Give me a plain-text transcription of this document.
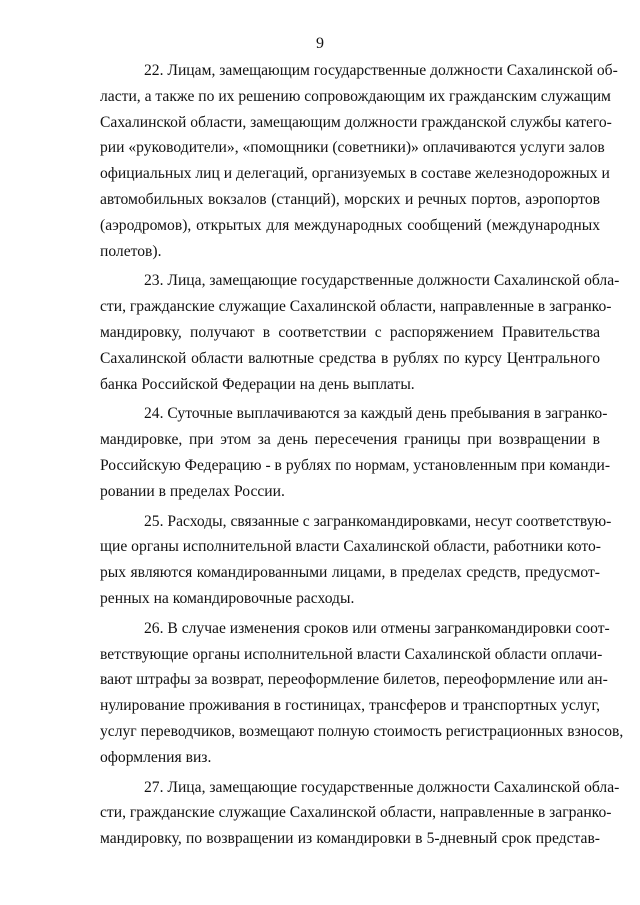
9
22. Лицам, замещающим государственные должности Сахалинской об-
ласти, а также по их решению сопровождающим их гражданским служащим
Сахалинской области, замещающим должности гражданской службы катего-
рии «руководители», «помощники (советники)» оплачиваются услуги залов
официальных лиц и делегаций, организуемых в составе железнодорожных и
автомобильных вокзалов (станций), морских и речных портов, аэропортов
(аэродромов), открытых для международных сообщений (международных
полетов).
23. Лица, замещающие государственные должности Сахалинской обла-
сти, гражданские служащие Сахалинской области, направленные в загранко-
мандировку, получают в соответствии с распоряжением Правительства
Сахалинской области валютные средства в рублях по курсу Центрального
банка Российской Федерации на день выплаты.
24. Суточные выплачиваются за каждый день пребывания в загранко-
мандировке, при этом за день пересечения границы при возвращении в
Российскую Федерацию - в рублях по нормам, установленным при команди-
ровании в пределах России.
25. Расходы, связанные с загранкомандировками, несут соответствую-
щие органы исполнительной власти Сахалинской области, работники кото-
рых являются командированными лицами, в пределах средств, предусмот-
ренных на командировочные расходы.
26. В случае изменения сроков или отмены загранкомандировки соот-
ветствующие органы исполнительной власти Сахалинской области оплачи-
вают штрафы за возврат, переоформление билетов, переоформление или ан-
нулирование проживания в гостиницах, трансферов и транспортных услуг,
услуг переводчиков, возмещают полную стоимость регистрационных взносов,
оформления виз.
27. Лица, замещающие государственные должности Сахалинской обла-
сти, гражданские служащие Сахалинской области, направленные в загранко-
мандировку, по возвращении из командировки в 5-дневный срок представ-
